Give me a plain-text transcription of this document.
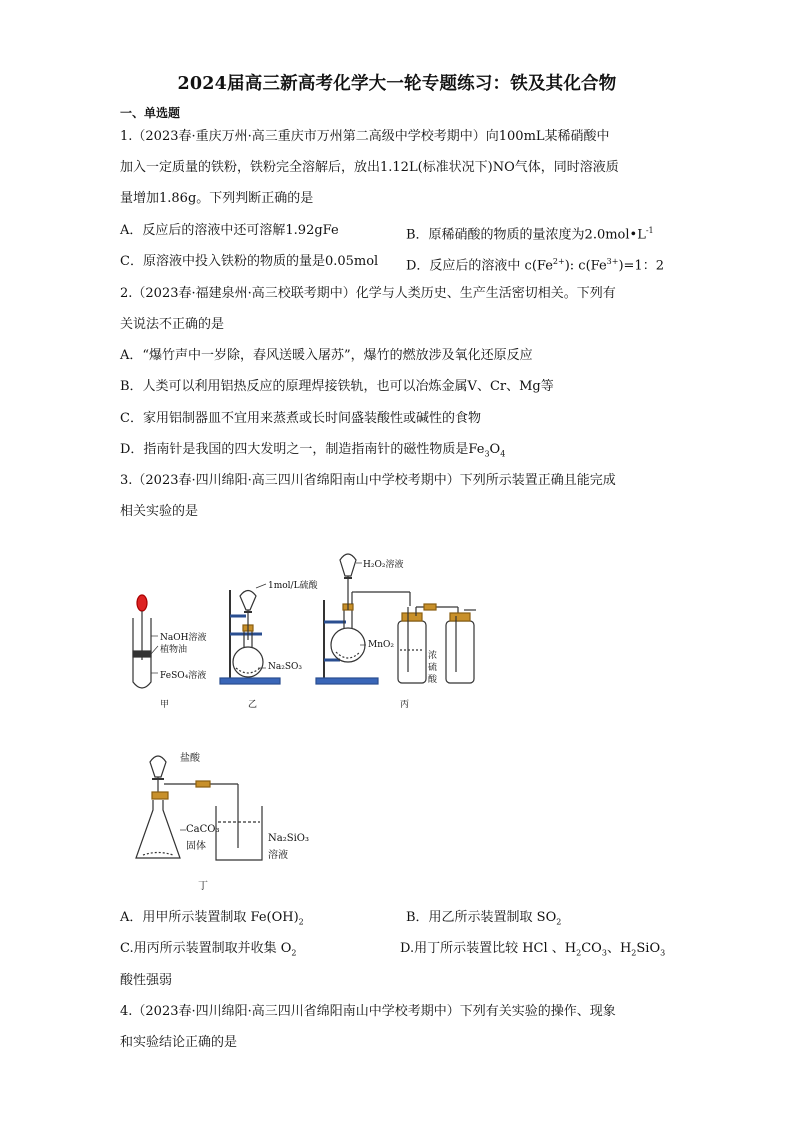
2024届高三新高考化学大一轮专题练习：铁及其化合物
一、单选题
1.（2023春·重庆万州·高三重庆市万州第二高级中学校考期中）向100mL某稀硝酸中
加入一定质量的铁粉，铁粉完全溶解后，放出1.12L(标准状况下)NO气体，同时溶液质
量增加1.86g。下列判断正确的是
A．反应后的溶液中还可溶解1.92gFe	B．原稀硝酸的物质的量浓度为$2.0mol•L^{-1}$
C．原溶液中投入铁粉的物质的量是0.05mol D．反应后的溶液中 $c(Fe^{2+})$: $c(Fe^{3+})=1$：2
2.（2023春·福建泉州·高三校联考期中）化学与人类历史、生产生活密切相关。下列有
关说法不正确的是
A．“爆竹声中一岁除，春风送暖入屠苏”，爆竹的燃放涉及氧化还原反应
B．人类可以利用铝热反应的原理焊接铁轨，也可以冶炼金属V、Cr、Mg等
C．家用铝制器皿不宜用来蒸煮或长时间盛装酸性或碱性的食物
D．指南针是我国的四大发明之一，制造指南针的磁性物质是$Fe_3O_4$
3.（2023春·四川绵阳·高三四川省绵阳南山中学校考期中）下列所示装置正确且能完成
相关实验的是
NaOH溶液
植物油
FeSO₄溶液
甲
1mol/L硫酸
Na₂SO₃
乙
H₂O₂溶液
MnO₂
浓
硫
酸
丙
盐酸
CaCO₃
固体
Na₂SiO₃
溶液
丁
A．用甲所示装置制取 $Fe(OH)_2$	B．用乙所示装置制取 $SO_2$
C.用丙所示装置制取并收集 $O_2$	D.用丁所示装置比较 HCl 、$H_2CO_3$、$H_2SiO_3$
酸性强弱
4.（2023春·四川绵阳·高三四川省绵阳南山中学校考期中）下列有关实验的操作、现象
和实验结论正确的是
